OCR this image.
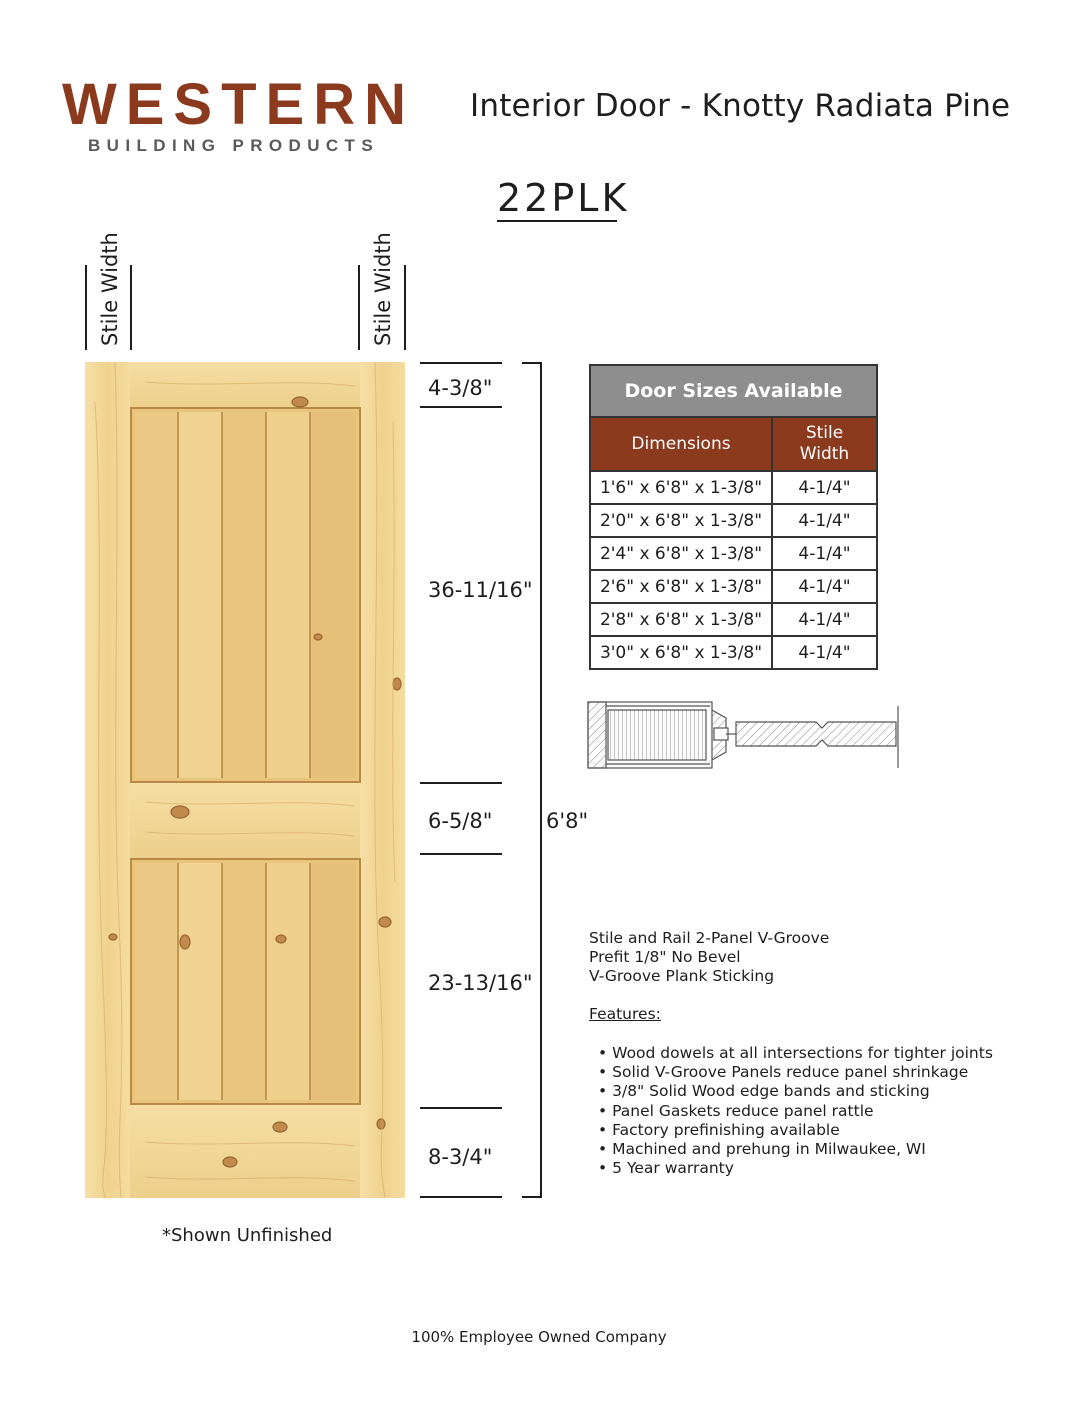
WESTERN
BUILDING PRODUCTS
Interior Door - Knotty Radiata Pine
22PLK
Stile Width	Stile Width
4-3/8"
36-11/16"
6-5/8"
23-13/16"
8-3/4"
6'8"
Door Sizes Available	
Dimensions	Stile Width
1'6" x 6'8" x 1-3/8"	4-1/4"
2'0" x 6'8" x 1-3/8"	4-1/4"
2'4" x 6'8" x 1-3/8"	4-1/4"
2'6" x 6'8" x 1-3/8"	4-1/4"
2'8" x 6'8" x 1-3/8"	4-1/4"
3'0" x 6'8" x 1-3/8"	4-1/4"
Stile and Rail 2-Panel V-Groove
Prefit 1/8" No Bevel
V-Groove Plank Sticking
Features:
• Wood dowels at all intersections for tighter joints
• Solid V-Groove Panels reduce panel shrinkage
• 3/8" Solid Wood edge bands and sticking
• Panel Gaskets reduce panel rattle
• Factory prefinishing available
• Machined and prehung in Milwaukee, WI
• 5 Year warranty
*Shown Unfinished
100% Employee Owned Company
